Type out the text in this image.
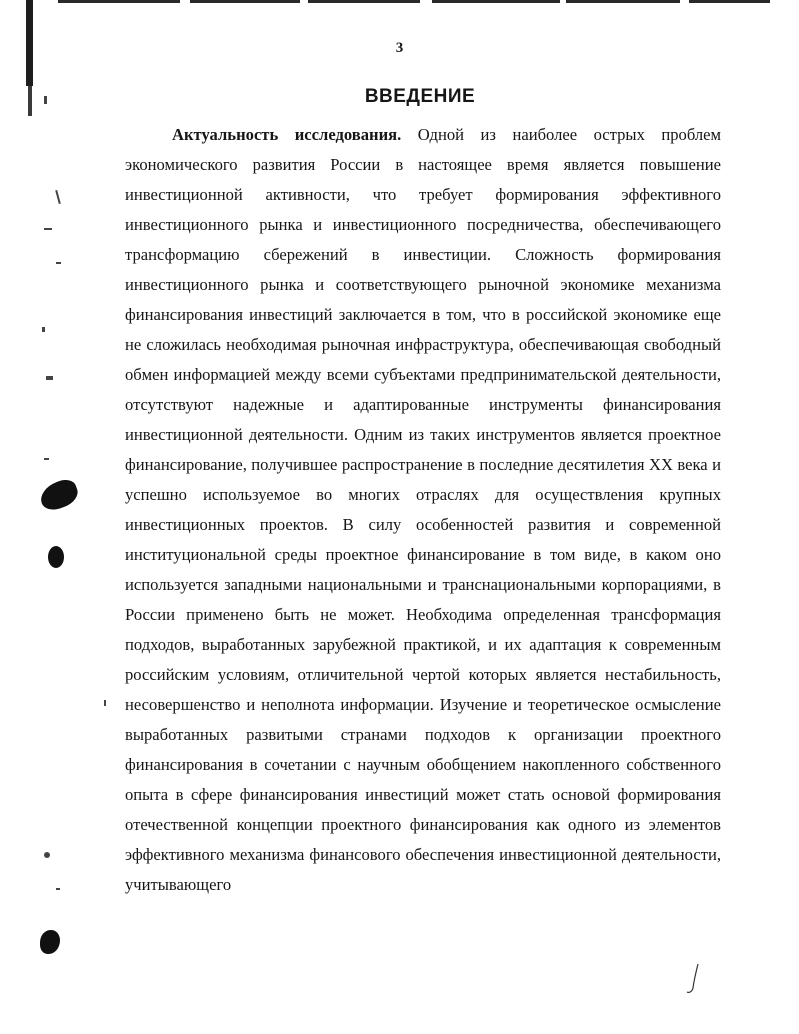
3
ВВЕДЕНИЕ

Актуальность исследования. Одной из наиболее острых проблем экономического развития России в настоящее время является повышение инвестиционной активности, что требует формирования эффективного инвестиционного рынка и инвестиционного посредничества, обеспечивающего трансформацию сбережений в инвестиции. Сложность формирования инвестиционного рынка и соответствующего рыночной экономике механизма финансирования инвестиций заключается в том, что в российской экономике еще не сложилась необходимая рыночная инфраструктура, обеспечивающая свободный обмен информацией между всеми субъектами предпринимательской деятельности, отсутствуют надежные и адаптированные инструменты финансирования инвестиционной деятельности. Одним из таких инструментов является проектное финансирование, получившее распространение в последние десятилетия XX века и успешно используемое во многих отраслях для осуществления крупных инвестиционных проектов. В силу особенностей развития и современной институциональной среды проектное финансирование в том виде, в каком оно используется западными национальными и транснациональными корпорациями, в России применено быть не может. Необходима определенная трансформация подходов, выработанных зарубежной практикой, и их адаптация к современным российским условиям, отличительной чертой которых является нестабильность, несовершенство и неполнота информации. Изучение и теоретическое осмысление выработанных развитыми странами подходов к организации проектного финансирования в сочетании с научным обобщением накопленного собственного опыта в сфере финансирования инвестиций может стать основой формирования отечественной концепции проектного финансирования как одного из элементов эффективного механизма финансового обеспечения инвестиционной деятельности, учитывающего
